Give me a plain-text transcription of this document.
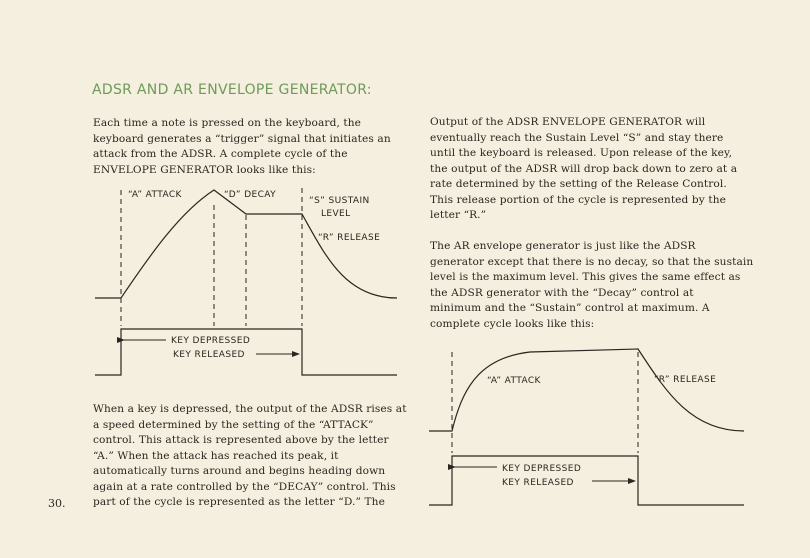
ADSR AND AR ENVELOPE GENERATOR:
Each time a note is pressed on the keyboard, the
keyboard generates a “trigger” signal that initiates an
attack from the ADSR. A complete cycle of the
ENVELOPE GENERATOR looks like this:
When a key is depressed, the output of the ADSR rises at
a speed determined by the setting of the “ATTACK”
control. This attack is represented above by the letter
“A.” When the attack has reached its peak, it
automatically turns around and begins heading down
again at a rate controlled by the “DECAY” control. This
part of the cycle is represented as the letter “D.” The
Output of the ADSR ENVELOPE GENERATOR will
eventually reach the Sustain Level “S” and stay there
until the keyboard is released. Upon release of the key,
the output of the ADSR will drop back down to zero at a
rate determined by the setting of the Release Control.
This release portion of the cycle is represented by the
letter “R.”
The AR envelope generator is just like the ADSR
generator except that there is no decay, so that the sustain
level is the maximum level. This gives the same effect as
the ADSR generator with the “Decay” control at
minimum and the “Sustain” control at maximum. A
complete cycle looks like this:
30.
“A” ATTACK	“D” DECAY
“S” SUSTAIN
LEVEL
“R” RELEASE
KEY DEPRESSED
KEY RELEASED
“A” ATTACK	“R” RELEASE
KEY DEPRESSED
KEY RELEASED
